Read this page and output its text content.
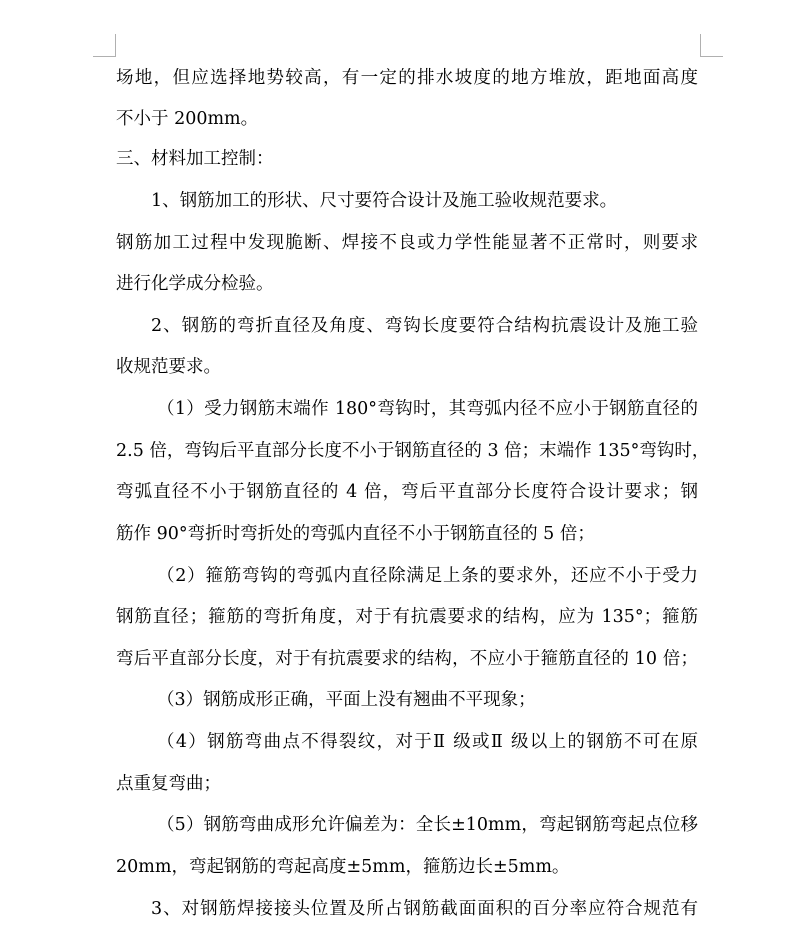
场地，但应选择地势较高，有一定的排水坡度的地方堆放，距地面高度
不小于 200mm。
三、材料加工控制：
1、钢筋加工的形状、尺寸要符合设计及施工验收规范要求。
钢筋加工过程中发现脆断、焊接不良或力学性能显著不正常时，则要求
进行化学成分检验。
2、钢筋的弯折直径及角度、弯钩长度要符合结构抗震设计及施工验
收规范要求。
（1）受力钢筋末端作 180°弯钩时，其弯弧内径不应小于钢筋直径的
2.5 倍，弯钩后平直部分长度不小于钢筋直径的 3 倍；末端作 135°弯钩时，
弯弧直径不小于钢筋直径的 4 倍，弯后平直部分长度符合设计要求；钢
筋作 90°弯折时弯折处的弯弧内直径不小于钢筋直径的 5 倍；
（2）箍筋弯钩的弯弧内直径除满足上条的要求外，还应不小于受力
钢筋直径；箍筋的弯折角度，对于有抗震要求的结构，应为 135°；箍筋
弯后平直部分长度，对于有抗震要求的结构，不应小于箍筋直径的 10 倍；
（3）钢筋成形正确，平面上没有翘曲不平现象；
（4）钢筋弯曲点不得裂纹，对于Ⅱ 级或Ⅱ 级以上的钢筋不可在原
点重复弯曲；
（5）钢筋弯曲成形允许偏差为：全长±10mm，弯起钢筋弯起点位移
20mm，弯起钢筋的弯起高度±5mm，箍筋边长±5mm。
3、对钢筋焊接接头位置及所占钢筋截面面积的百分率应符合规范有
